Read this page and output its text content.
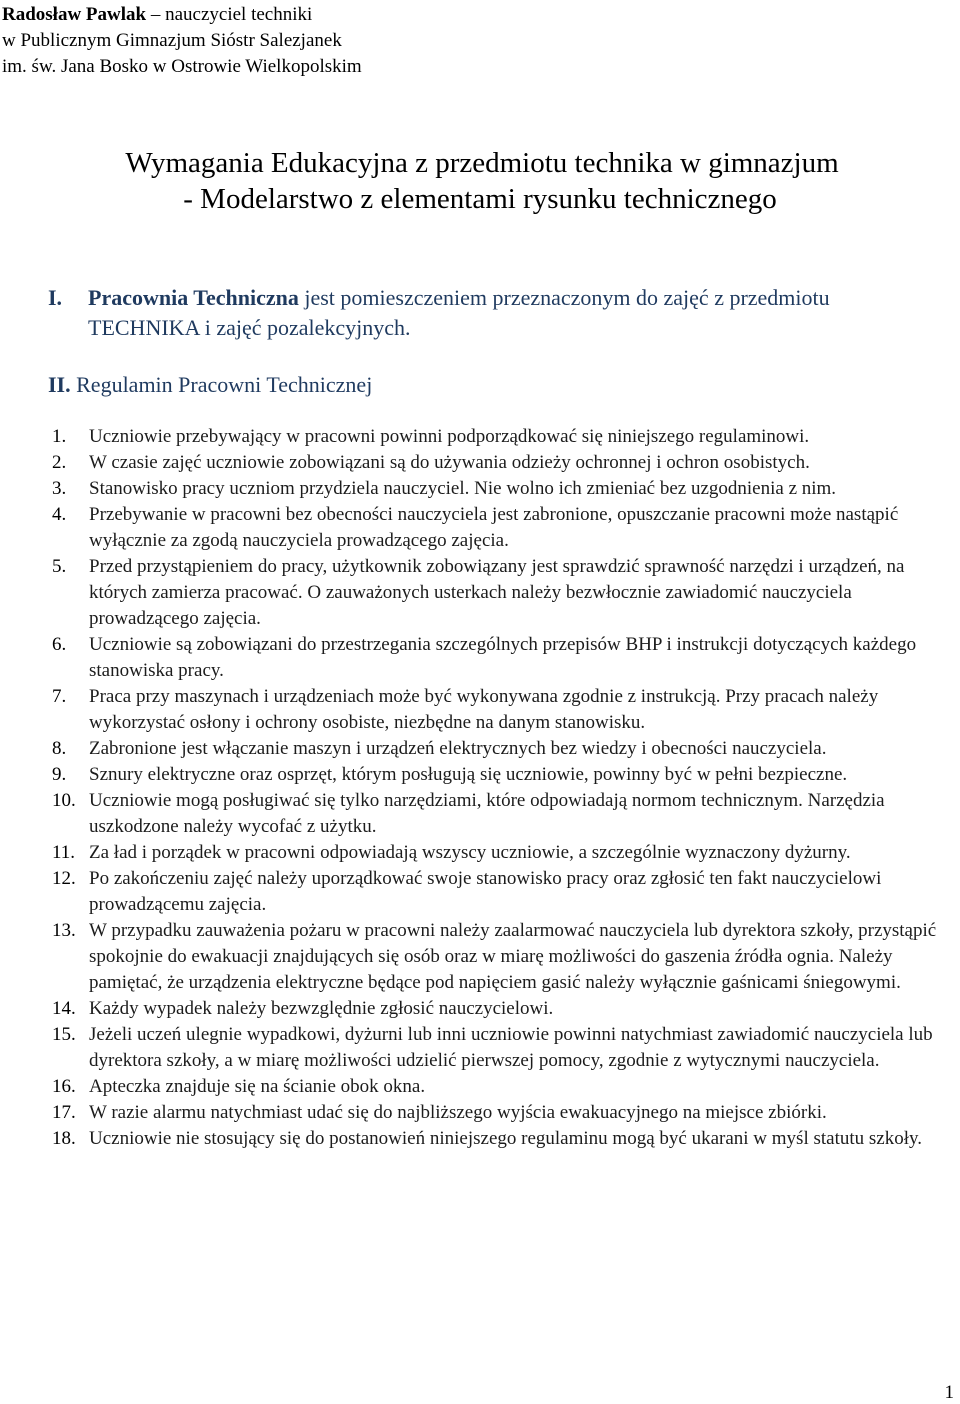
Radosław Pawlak – nauczyciel techniki
w Publicznym Gimnazjum Sióstr Salezjanek
im. św. Jana Bosko w Ostrowie Wielkopolskim
Wymagania Edukacyjna z przedmiotu technika w gimnazjum
- Modelarstwo z elementami rysunku technicznego
I.	Pracownia Techniczna jest pomieszczeniem przeznaczonym do zajęć z przedmiotu
TECHNIKA i zajęć pozalekcyjnych.
II. Regulamin Pracowni Technicznej
1.	Uczniowie przebywający w pracowni powinni podporządkować się niniejszego regulaminowi.
2.	W czasie zajęć uczniowie zobowiązani są do używania odzieży ochronnej i ochron osobistych.
3.	Stanowisko pracy uczniom przydziela nauczyciel. Nie wolno ich zmieniać bez uzgodnienia z nim.
4.	Przebywanie w pracowni bez obecności nauczyciela jest zabronione, opuszczanie pracowni może nastąpić wyłącznie za zgodą nauczyciela prowadzącego zajęcia.
5.	Przed przystąpieniem do pracy, użytkownik zobowiązany jest sprawdzić sprawność narzędzi i urządzeń, na których zamierza pracować. O zauważonych usterkach należy bezwłocznie zawiadomić nauczyciela prowadzącego zajęcia.
6.	Uczniowie są zobowiązani do przestrzegania szczególnych przepisów BHP i instrukcji dotyczących każdego stanowiska pracy.
7.	Praca przy maszynach i urządzeniach może być wykonywana zgodnie z instrukcją. Przy pracach należy wykorzystać osłony i ochrony osobiste, niezbędne na danym stanowisku.
8.	Zabronione jest włączanie maszyn i urządzeń elektrycznych bez wiedzy i obecności nauczyciela.
9.	Sznury elektryczne oraz osprzęt, którym posługują się uczniowie, powinny być w pełni bezpieczne.
10. Uczniowie mogą posługiwać się tylko narzędziami, które odpowiadają normom technicznym. Narzędzia uszkodzone należy wycofać z użytku.
11. Za ład i porządek w pracowni odpowiadają wszyscy uczniowie, a szczególnie wyznaczony dyżurny.
12. Po zakończeniu zajęć należy uporządkować swoje stanowisko pracy oraz zgłosić ten fakt nauczycielowi prowadzącemu zajęcia.
13. W przypadku zauważenia pożaru w pracowni należy zaalarmować nauczyciela lub dyrektora szkoły, przystąpić spokojnie do ewakuacji znajdujących się osób oraz w miarę możliwości do gaszenia źródła ognia. Należy pamiętać, że urządzenia elektryczne będące pod napięciem gasić należy wyłącznie gaśnicami śniegowymi.
14. Każdy wypadek należy bezwzględnie zgłosić nauczycielowi.
15. Jeżeli uczeń ulegnie wypadkowi, dyżurni lub inni uczniowie powinni natychmiast zawiadomić nauczyciela lub dyrektora szkoły, a w miarę możliwości udzielić pierwszej pomocy, zgodnie z wytycznymi nauczyciela.
16. Apteczka znajduje się na ścianie obok okna.
17. W razie alarmu natychmiast udać się do najbliższego wyjścia ewakuacyjnego na miejsce zbiórki.
18. Uczniowie nie stosujący się do postanowień niniejszego regulaminu mogą być ukarani w myśl statutu szkoły.
1
